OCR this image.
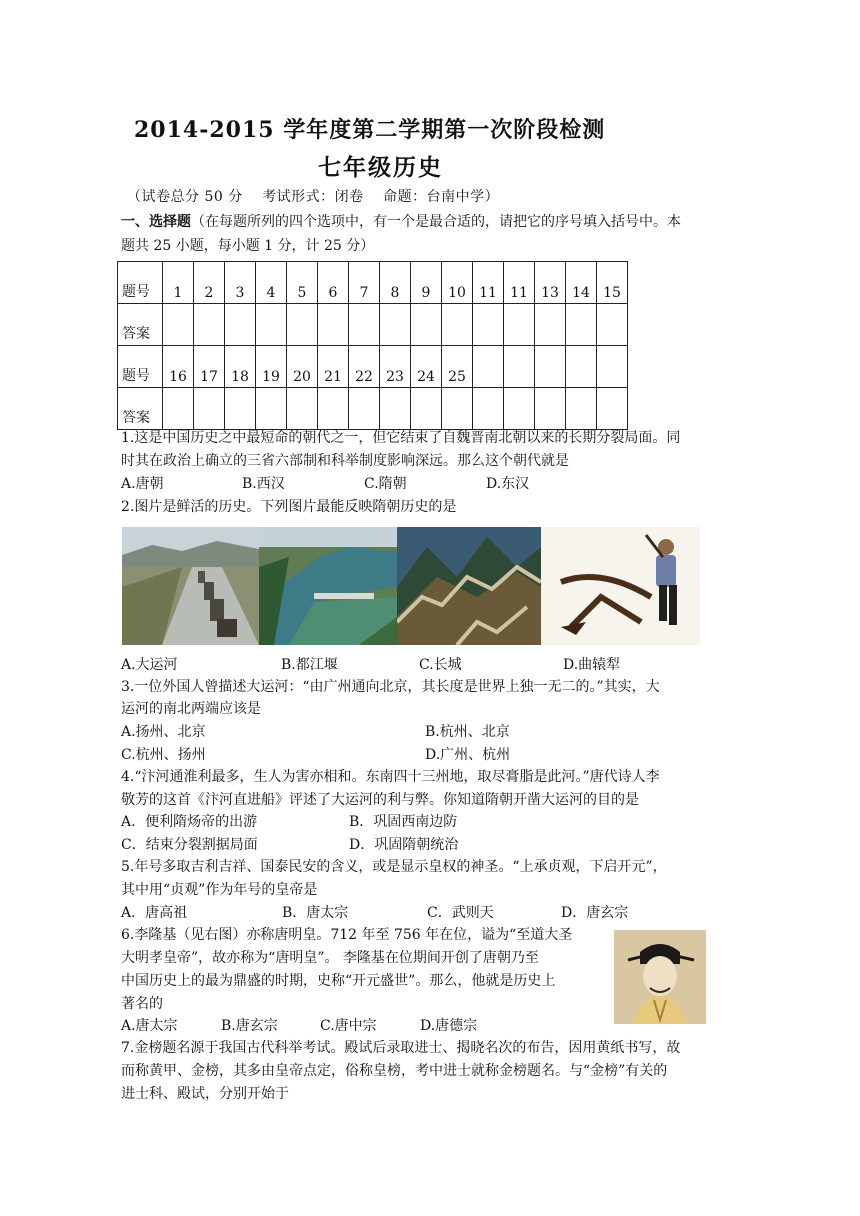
2014-2015 学年度第二学期第一次阶段检测
七年级历史
（试卷总分 50 分　 考试形式：闭卷　 命题：台南中学）
一、选择题（在每题所列的四个选项中，有一个是最合适的，请把它的序号填入括号中。本
题共 25 小题，每小题 1 分，计 25 分）
题号	1	2	3	4	5	6	7	8	9	10	11	11	13	14	15
答案															
题号	16	17	18	19	20	21	22	23	24	25					
答案															
1.这是中国历史之中最短命的朝代之一，但它结束了自魏晋南北朝以来的长期分裂局面。同
时其在政治上确立的三省六部制和科举制度影响深远。那么这个朝代就是
A.唐朝	B.西汉	C.隋朝	D.东汉
2.图片是鲜活的历史。下列图片最能反映隋朝历史的是
A.大运河	B.都江堰	C.长城	D.曲辕犁
3.一位外国人曾描述大运河：“由广州通向北京，其长度是世界上独一无二的。”其实，大
运河的南北两端应该是
A.扬州、北京	B.杭州、北京
C.杭州、扬州	D.广州、杭州
4.“汴河通淮利最多，生人为害亦相和。东南四十三州地，取尽膏脂是此河。”唐代诗人李
敬芳的这首《汴河直进船》评述了大运河的利与弊。你知道隋朝开凿大运河的目的是
A．便利隋炀帝的出游	B．巩固西南边防
C．结束分裂割据局面	D．巩固隋朝统治
5.年号多取吉利吉祥、国泰民安的含义，或是显示皇权的神圣。“上承贞观，下启开元”，
其中用“贞观”作为年号的皇帝是
A．唐高祖	B．唐太宗	C．武则天	D．唐玄宗
6.李隆基（见右图）亦称唐明皇。712 年至 756 年在位，谥为“至道大圣
大明孝皇帝”，故亦称为“唐明皇”。 李隆基在位期间开创了唐朝乃至
中国历史上的最为鼎盛的时期，史称“开元盛世”。那么，他就是历史上
著名的
A.唐太宗	B.唐玄宗	C.唐中宗	D.唐德宗
7.金榜题名源于我国古代科举考试。殿试后录取进士、揭晓名次的布告，因用黄纸书写，故
而称黄甲、金榜，其多由皇帝点定，俗称皇榜，考中进士就称金榜题名。与“金榜”有关的
进士科、殿试，分别开始于
